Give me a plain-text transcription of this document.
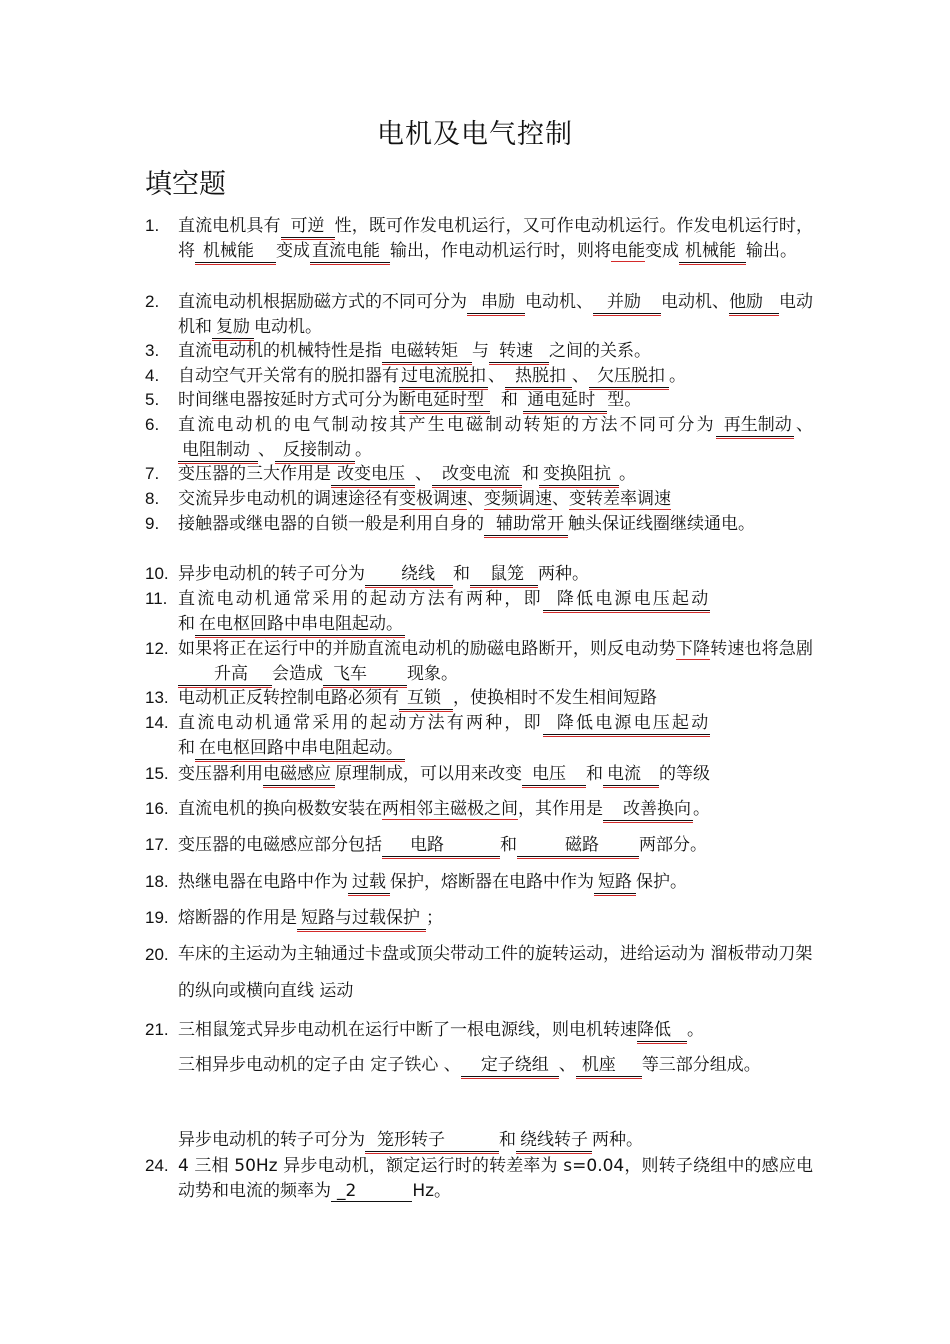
电机及电气控制
填空题
1.	直流电机具有 可逆 性，既可作发电机运行，又可作电动机运行。作发电机运行时，将 机械能 变成 直流电能 输出，作电动机运行时，则将电能变成 机械能 输出。
2.	直流电动机根据励磁方式的不同可分为 串励 电动机、 并励 电动机、他励 电动机和 复励 电动机。
3.	直流电动机的机械特性是指 电磁转矩 与 转速 之间的关系。
4.	自动空气开关常有的脱扣器有 过电流脱扣 、 热脱扣 、 欠压脱扣 。
5.	时间继电器按延时方式可分为断电延时型 和 通电延时 型。
6.	直流电动机的电气制动按其产生电磁制动转矩的方法不同可分为 再生制动 、电阻制动 、 反接制动 。
7.	变压器的三大作用是 改变电压 、 改变电流 和 变换阻抗 。
8.	交流异步电动机的调速途径有变极调速、变频调速、变转差率调速
9.	接触器或继电器的自锁一般是利用自身的 辅助常开 触头保证线圈继续通电。
10. 异步电动机的转子可分为 绕线 和 鼠笼 两种。
11. 直流电动机通常采用的起动方法有两种，即 降低电源电压起动
和 在电枢回路中串电阻起动。
12. 如果将正在运行中的并励直流电动机的励磁电路断开，则反电动势下降转速也将急剧升高 会造成 飞车 现象。
13. 电动机正反转控制电路必须有 互锁 ，使换相时不发生相间短路
14. 直流电动机通常采用的起动方法有两种，即 降低电源电压起动
和 在电枢回路中串电阻起动。
15. 变压器利用电磁感应 原理制成，可以用来改变 电压 和 电流 的等级
16. 直流电机的换向极数安装在两相邻主磁极之间，其作用是 改善换向 。
17. 变压器的电磁感应部分包括 电路	和	磁路 两部分。
18. 热继电器在电路中作为 过载 保护，熔断器在电路中作为 短路 保护。
19. 熔断器的作用是 短路与过载保护 ；
20. 车床的主运动为主轴通过卡盘或顶尖带动工件的旋转运动，进给运动为 溜板带动刀架的纵向或横向直线 运动
21. 三相鼠笼式异步电动机在运行中断了一根电源线，则电机转速降低 。
三相异步电动机的定子由 定子铁心 、 定子绕组 、 机座 等三部分组成。
异步电动机的转子可分为 笼形转子	和 绕线转子 两种。
24. 4 三相 50Hz 异步电动机，额定运行时的转差率为 s=0.04，则转子绕组中的感应电动势和电流的频率为 _2	Hz。
